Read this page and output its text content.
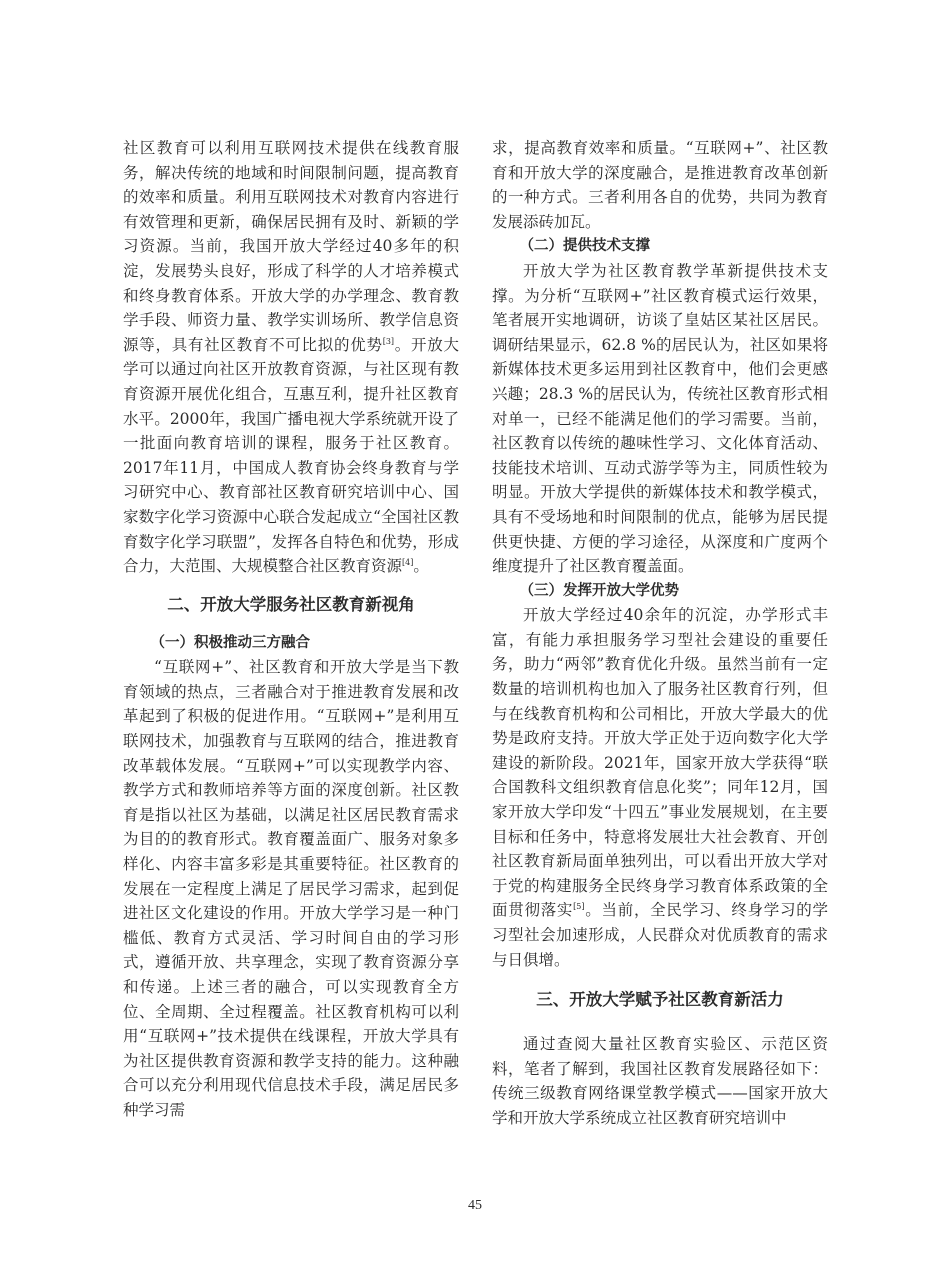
社区教育可以利用互联网技术提供在线教育服务，解决传统的地域和时间限制问题，提高教育的效率和质量。利用互联网技术对教育内容进行有效管理和更新，确保居民拥有及时、新颖的学习资源。当前，我国开放大学经过40多年的积淀，发展势头良好，形成了科学的人才培养模式和终身教育体系。开放大学的办学理念、教育教学手段、师资力量、教学实训场所、教学信息资源等，具有社区教育不可比拟的优势[3]。开放大学可以通过向社区开放教育资源，与社区现有教育资源开展优化组合，互惠互利，提升社区教育水平。2000年，我国广播电视大学系统就开设了一批面向教育培训的课程，服务于社区教育。2017年11月，中国成人教育协会终身教育与学习研究中心、教育部社区教育研究培训中心、国家数字化学习资源中心联合发起成立“全国社区教育数字化学习联盟”，发挥各自特色和优势，形成合力，大范围、大规模整合社区教育资源[4]。

二、开放大学服务社区教育新视角
（一）积极推动三方融合

“互联网+”、社区教育和开放大学是当下教育领域的热点，三者融合对于推进教育发展和改革起到了积极的促进作用。“互联网+”是利用互联网技术，加强教育与互联网的结合，推进教育改革载体发展。“互联网+”可以实现教学内容、教学方式和教师培养等方面的深度创新。社区教育是指以社区为基础，以满足社区居民教育需求为目的的教育形式。教育覆盖面广、服务对象多样化、内容丰富多彩是其重要特征。社区教育的发展在一定程度上满足了居民学习需求，起到促进社区文化建设的作用。开放大学学习是一种门槛低、教育方式灵活、学习时间自由的学习形式，遵循开放、共享理念，实现了教育资源分享和传递。上述三者的融合，可以实现教育全方位、全周期、全过程覆盖。社区教育机构可以利用“互联网+”技术提供在线课程，开放大学具有为社区提供教育资源和教学支持的能力。这种融合可以充分利用现代信息技术手段，满足居民多种学习需

求，提高教育效率和质量。“互联网+”、社区教育和开放大学的深度融合，是推进教育改革创新的一种方式。三者利用各自的优势，共同为教育发展添砖加瓦。

（二）提供技术支撑

开放大学为社区教育教学革新提供技术支撑。为分析“互联网+”社区教育模式运行效果，笔者展开实地调研，访谈了皇姑区某社区居民。调研结果显示，62.8 %的居民认为，社区如果将新媒体技术更多运用到社区教育中，他们会更感兴趣；28.3 %的居民认为，传统社区教育形式相对单一，已经不能满足他们的学习需要。当前，社区教育以传统的趣味性学习、文化体育活动、技能技术培训、互动式游学等为主，同质性较为明显。开放大学提供的新媒体技术和教学模式，具有不受场地和时间限制的优点，能够为居民提供更快捷、方便的学习途径，从深度和广度两个维度提升了社区教育覆盖面。

（三）发挥开放大学优势

开放大学经过40余年的沉淀，办学形式丰富，有能力承担服务学习型社会建设的重要任务，助力“两邻”教育优化升级。虽然当前有一定数量的培训机构也加入了服务社区教育行列，但与在线教育机构和公司相比，开放大学最大的优势是政府支持。开放大学正处于迈向数字化大学建设的新阶段。2021年，国家开放大学获得“联合国教科文组织教育信息化奖”；同年12月，国家开放大学印发“十四五”事业发展规划，在主要目标和任务中，特意将发展壮大社会教育、开创社区教育新局面单独列出，可以看出开放大学对于党的构建服务全民终身学习教育体系政策的全面贯彻落实[5]。当前，全民学习、终身学习的学习型社会加速形成，人民群众对优质教育的需求与日俱增。

三、开放大学赋予社区教育新活力

通过查阅大量社区教育实验区、示范区资料，笔者了解到，我国社区教育发展路径如下：传统三级教育网络课堂教学模式——国家开放大学和开放大学系统成立社区教育研究培训中

45
